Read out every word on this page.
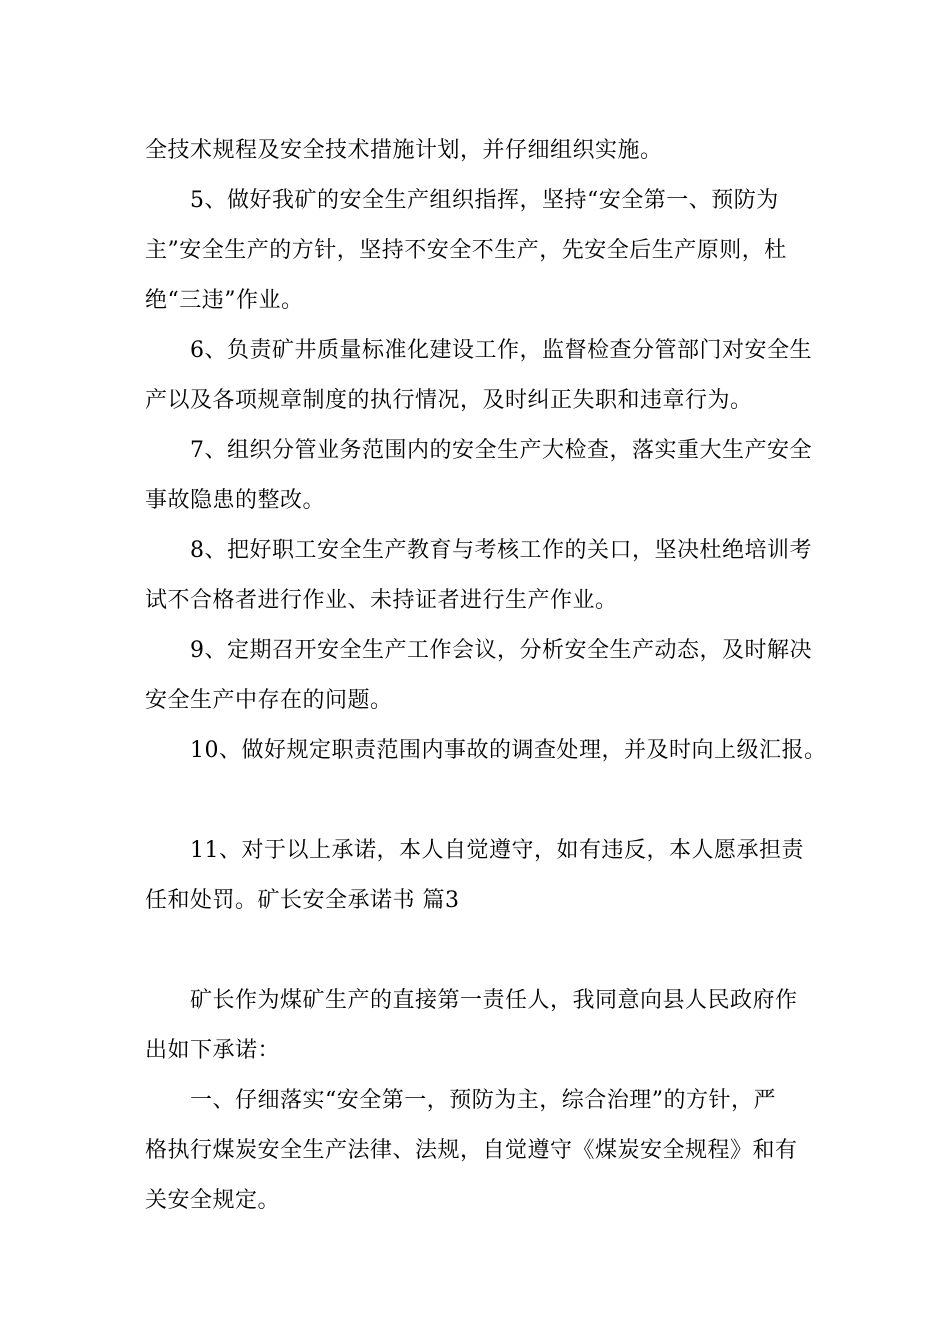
全技术规程及安全技术措施计划，并仔细组织实施。
5、做好我矿的安全生产组织指挥，坚持“安全第一、预防为
主”安全生产的方针，坚持不安全不生产，先安全后生产原则，杜
绝“三违”作业。
6、负责矿井质量标准化建设工作，监督检查分管部门对安全生
产以及各项规章制度的执行情况，及时纠正失职和违章行为。
7、组织分管业务范围内的安全生产大检查，落实重大生产安全
事故隐患的整改。
8、把好职工安全生产教育与考核工作的关口，坚决杜绝培训考
试不合格者进行作业、未持证者进行生产作业。
9、定期召开安全生产工作会议，分析安全生产动态，及时解决
安全生产中存在的问题。
10、做好规定职责范围内事故的调查处理，并及时向上级汇报。
11、对于以上承诺，本人自觉遵守，如有违反，本人愿承担责
任和处罚。矿长安全承诺书 篇3
矿长作为煤矿生产的直接第一责任人，我同意向县人民政府作
出如下承诺：
一、仔细落实“安全第一，预防为主，综合治理”的方针，严
格执行煤炭安全生产法律、法规，自觉遵守《煤炭安全规程》和有
关安全规定。
